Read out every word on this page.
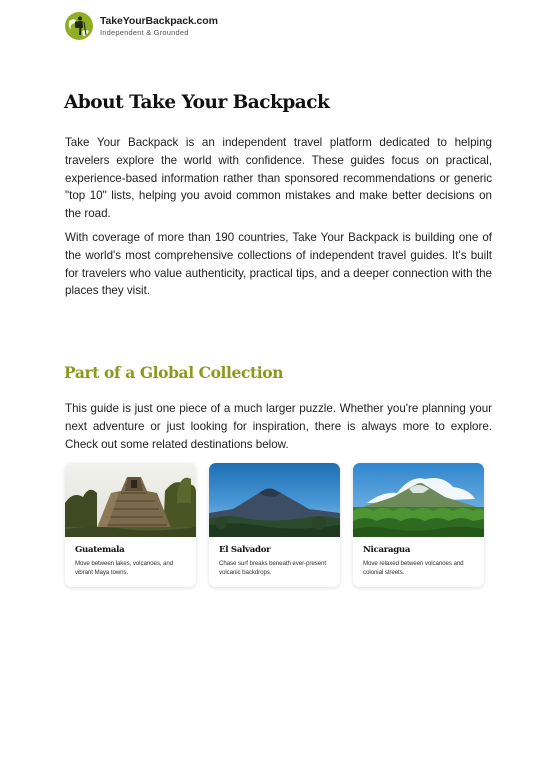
TakeYourBackpack.com
Independent & Grounded
About Take Your Backpack

Take Your Backpack is an independent travel platform dedicated to helping travelers explore the world with confidence. These guides focus on practical, experience-based information rather than sponsored recommendations or generic "top 10" lists, helping you avoid common mistakes and make better decisions on the road.

With coverage of more than 190 countries, Take Your Backpack is building one of the world's most comprehensive collections of independent travel guides. It's built for travelers who value authenticity, practical tips, and a deeper connection with the places they visit.

Part of a Global Collection

This guide is just one piece of a much larger puzzle. Whether you're planning your next adventure or just looking for inspiration, there is always more to explore. Check out some related destinations below.

Guatemala
Move between lakes, volcanoes, and vibrant Maya towns.
El Salvador
Chase surf breaks beneath ever-present volcanic backdrops.
Nicaragua
Move relaxed between volcanoes and colonial streets.
